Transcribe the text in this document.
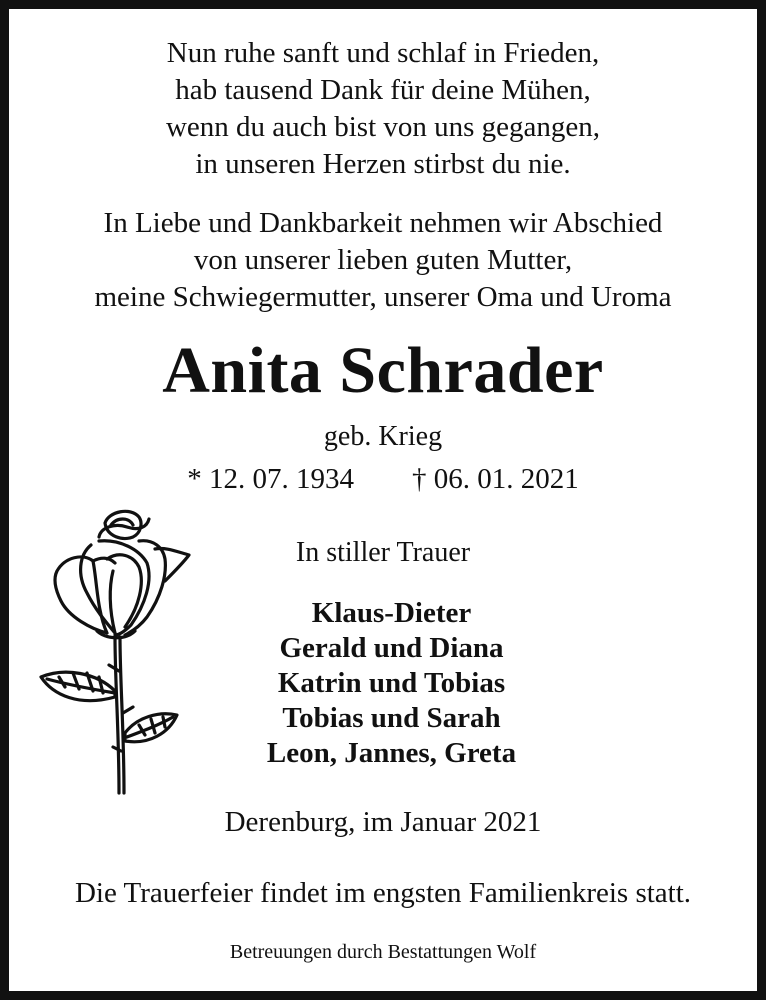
Nun ruhe sanft und schlaf in Frieden,
hab tausend Dank für deine Mühen,
wenn du auch bist von uns gegangen,
in unseren Herzen stirbst du nie.
In Liebe und Dankbarkeit nehmen wir Abschied
von unserer lieben guten Mutter,
meine Schwiegermutter, unserer Oma und Uroma
Anita Schrader
geb. Krieg
* 12. 07. 1934 † 06. 01. 2021
In stiller Trauer
Klaus-Dieter
Gerald und Diana
Katrin und Tobias
Tobias und Sarah
Leon, Jannes, Greta
Derenburg, im Januar 2021
Die Trauerfeier findet im engsten Familienkreis statt.
Betreuungen durch Bestattungen Wolf
